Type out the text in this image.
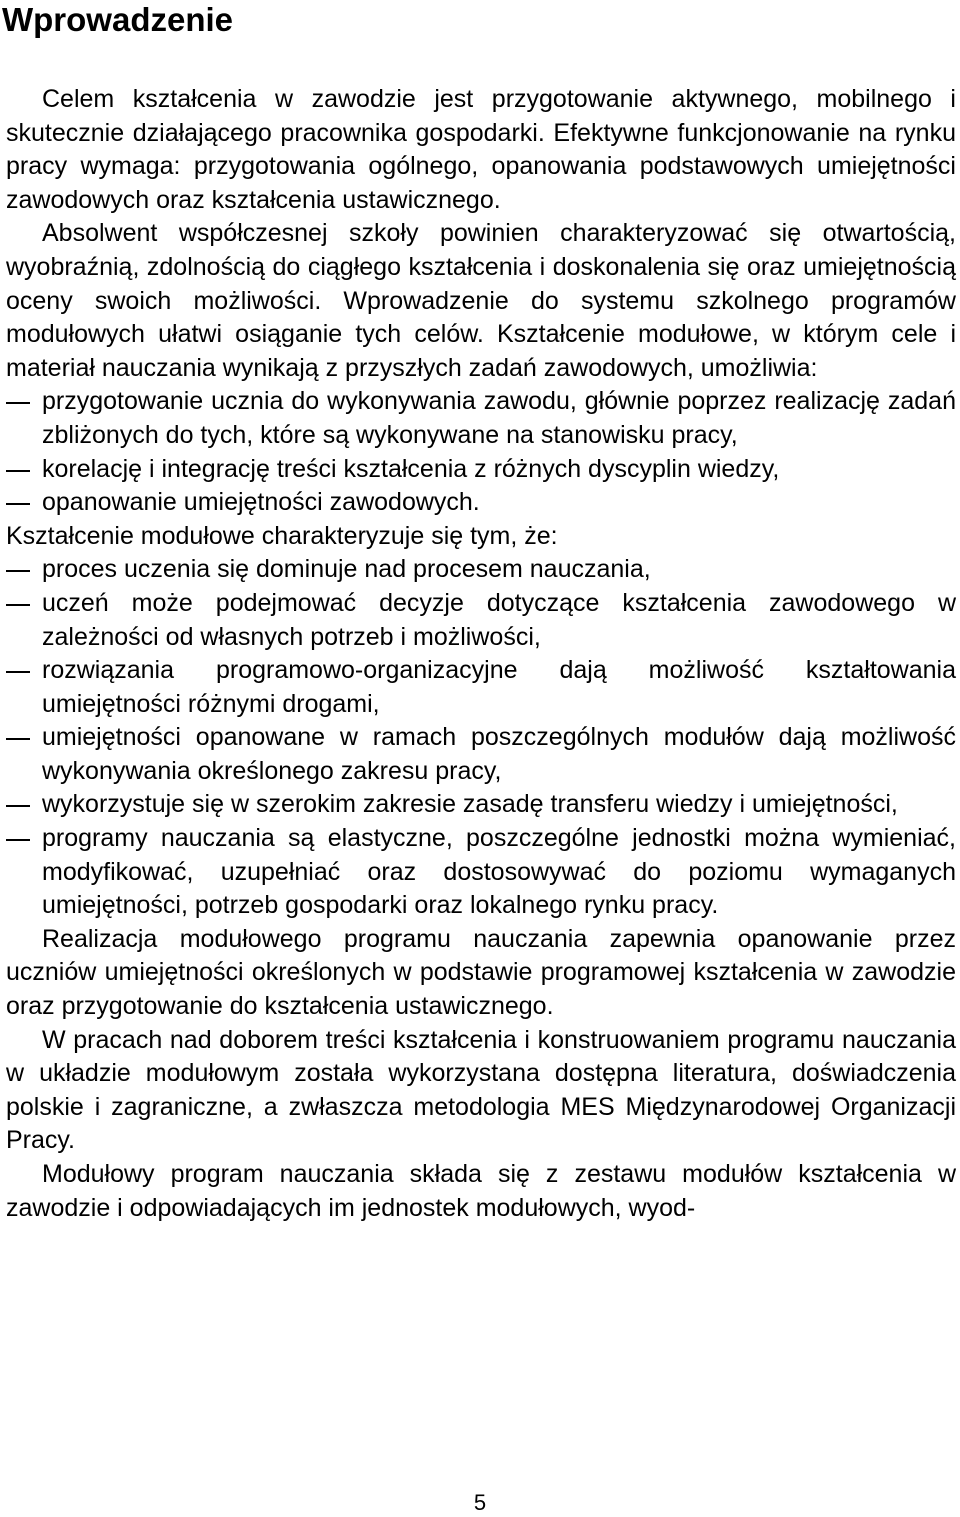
Wprowadzenie

Celem kształcenia w zawodzie jest przygotowanie aktywnego, mobilnego i skutecznie działającego pracownika gospodarki. Efektywne funkcjonowanie na rynku pracy wymaga: przygotowania ogólnego, opanowania podstawowych umiejętności zawodowych oraz kształcenia ustawicznego.

Absolwent współczesnej szkoły powinien charakteryzować się otwartością, wyobraźnią, zdolnością do ciągłego kształcenia i doskonalenia się oraz umiejętnością oceny swoich możliwości. Wprowadzenie do systemu szkolnego programów modułowych ułatwi osiąganie tych celów. Kształcenie modułowe, w którym cele i materiał nauczania wynikają z przyszłych zadań zawodowych, umożliwia:

przygotowanie ucznia do wykonywania zawodu, głównie poprzez realizację zadań zbliżonych do tych, które są wykonywane na stanowisku pracy,
korelację i integrację treści kształcenia z różnych dyscyplin wiedzy,
opanowanie umiejętności zawodowych.

Kształcenie modułowe charakteryzuje się tym, że:

proces uczenia się dominuje nad procesem nauczania,
uczeń może podejmować decyzje dotyczące kształcenia zawodowego w zależności od własnych potrzeb i możliwości,
rozwiązania programowo-organizacyjne dają możliwość kształtowania umiejętności różnymi drogami,
umiejętności opanowane w ramach poszczególnych modułów dają możliwość wykonywania określonego zakresu pracy,
wykorzystuje się w szerokim zakresie zasadę transferu wiedzy i umiejętności,
programy nauczania są elastyczne, poszczególne jednostki można wymieniać, modyfikować, uzupełniać oraz dostosowywać do poziomu wymaganych umiejętności, potrzeb gospodarki oraz lokalnego rynku pracy.

Realizacja modułowego programu nauczania zapewnia opanowanie przez uczniów umiejętności określonych w podstawie programowej kształcenia w zawodzie oraz przygotowanie do kształcenia ustawicznego.

W pracach nad doborem treści kształcenia i konstruowaniem programu nauczania w układzie modułowym została wykorzystana dostępna literatura, doświadczenia polskie i zagraniczne, a zwłaszcza metodologia MES Międzynarodowej Organizacji Pracy.

Modułowy program nauczania składa się z zestawu modułów kształcenia w zawodzie i odpowiadających im jednostek modułowych, wyod-

5
